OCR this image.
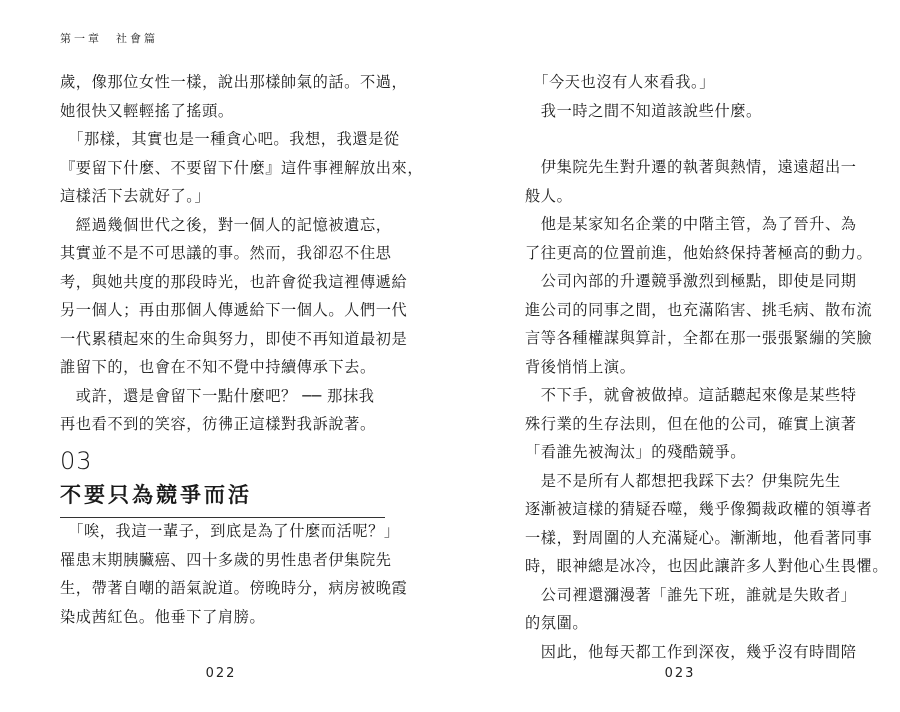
第一章　社會篇

歲，像那位女性一樣，說出那樣帥氣的話。不過，
她很快又輕輕搖了搖頭。

　「那樣，其實也是一種貪心吧。我想，我還是從
『要留下什麼、不要留下什麼』這件事裡解放出來，
這樣活下去就好了。」

　經過幾個世代之後，對一個人的記憶被遺忘，
其實並不是不可思議的事。然而，我卻忍不住思
考，與她共度的那段時光，也許會從我這裡傳遞給
另一個人；再由那個人傳遞給下一個人。人們一代
一代累積起來的生命與努力，即使不再知道最初是
誰留下的，也會在不知不覺中持續傳承下去。

　或許，還是會留下一點什麼吧？ ── 那抹我
再也看不到的笑容，彷彿正這樣對我訴說著。

03
不要只為競爭而活

　「唉，我這一輩子，到底是為了什麼而活呢？」
罹患末期胰臟癌、四十多歲的男性患者伊集院先
生，帶著自嘲的語氣說道。傍晚時分，病房被晚霞
染成茜紅色。他垂下了肩膀。

022

　「今天也沒有人來看我。」

　我一時之間不知道該說些什麼。

　伊集院先生對升遷的執著與熱情，遠遠超出一
般人。

　他是某家知名企業的中階主管，為了晉升、為
了往更高的位置前進，他始終保持著極高的動力。

　公司內部的升遷競爭激烈到極點，即使是同期
進公司的同事之間，也充滿陷害、挑毛病、散布流
言等各種權謀與算計，全都在那一張張緊繃的笑臉
背後悄悄上演。

　不下手，就會被做掉。這話聽起來像是某些特
殊行業的生存法則，但在他的公司，確實上演著
「看誰先被淘汰」的殘酷競爭。

　是不是所有人都想把我踩下去？伊集院先生
逐漸被這樣的猜疑吞噬，幾乎像獨裁政權的領導者
一樣，對周圍的人充滿疑心。漸漸地，他看著同事
時，眼神總是冰冷，也因此讓許多人對他心生畏懼。

　公司裡還瀰漫著「誰先下班，誰就是失敗者」
的氛圍。

　因此，他每天都工作到深夜，幾乎沒有時間陪

023
